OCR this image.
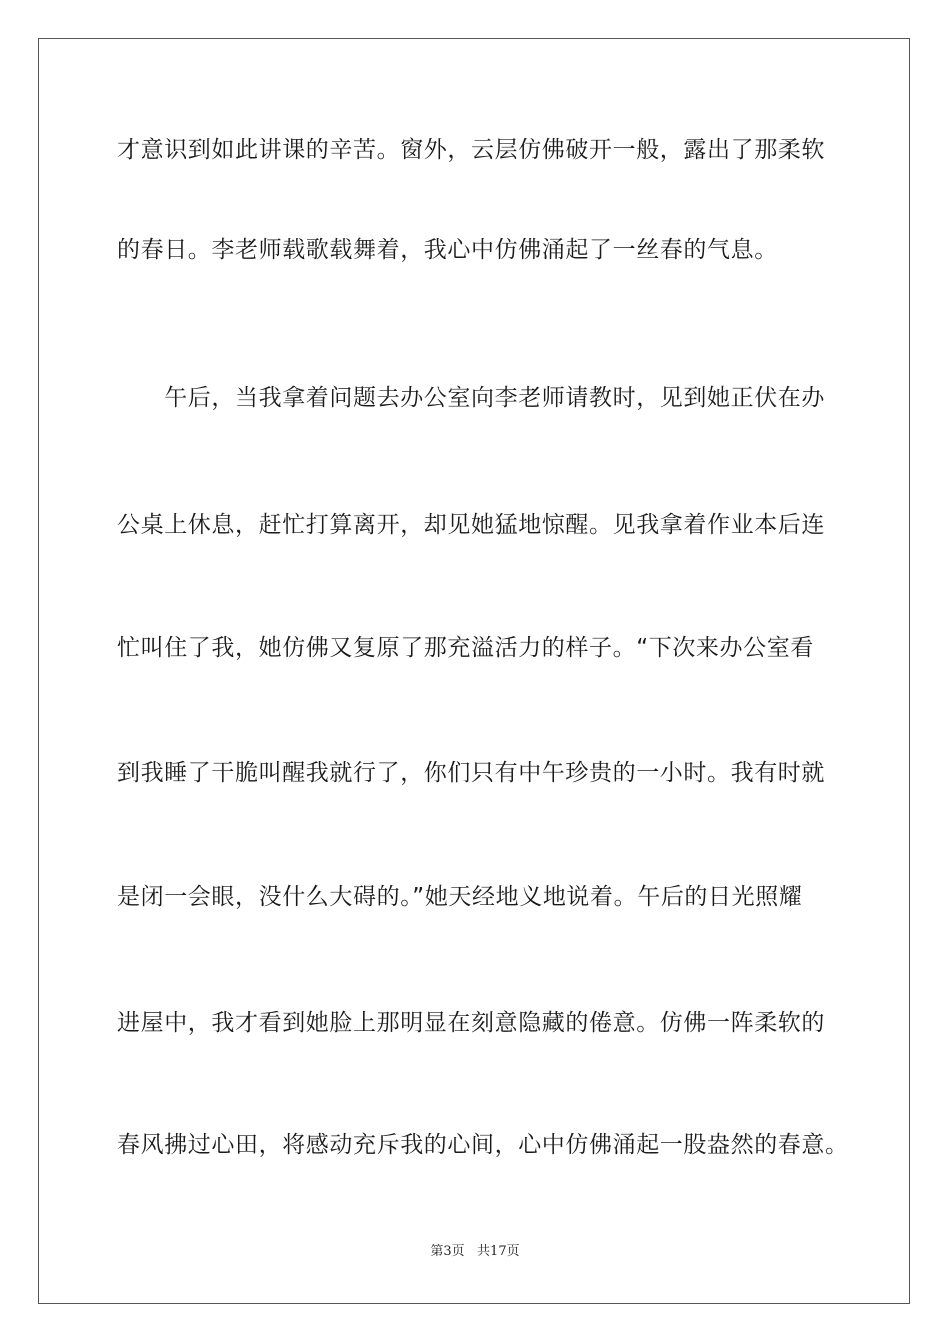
才意识到如此讲课的辛苦。窗外，云层仿佛破开一般，露出了那柔软
的春日。李老师载歌载舞着，我心中仿佛涌起了一丝春的气息。
　　午后，当我拿着问题去办公室向李老师请教时，见到她正伏在办
公桌上休息，赶忙打算离开，却见她猛地惊醒。见我拿着作业本后连
忙叫住了我，她仿佛又复原了那充溢活力的样子。“下次来办公室看
到我睡了干脆叫醒我就行了，你们只有中午珍贵的一小时。我有时就
是闭一会眼，没什么大碍的。”她天经地义地说着。午后的日光照耀
进屋中，我才看到她脸上那明显在刻意隐藏的倦意。仿佛一阵柔软的
春风拂过心田，将感动充斥我的心间，心中仿佛涌起一股盎然的春意。
第3页   共17页
